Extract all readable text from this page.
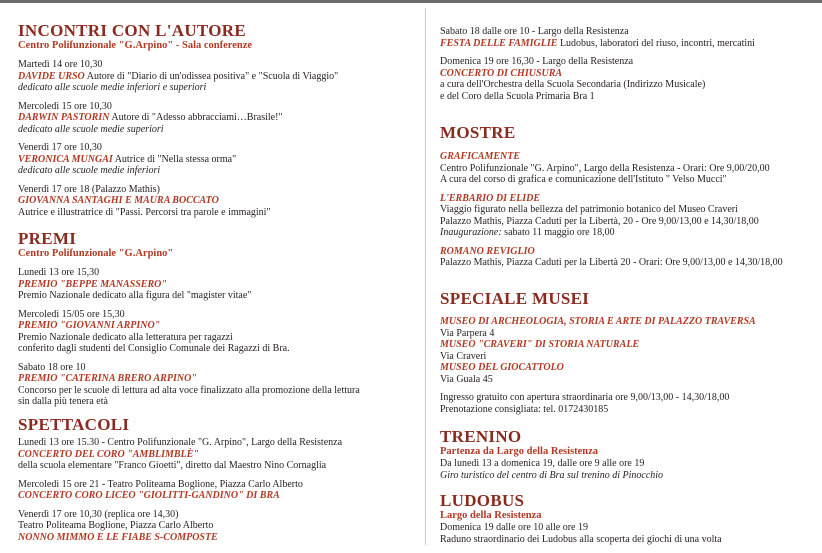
INCONTRI CON L'AUTORE
Centro Polifunzionale "G.Arpino" - Sala conferenze
Martedì 14 ore 10,30
DAVIDE URSO Autore di "Diario di un'odissea positiva" e "Scuola di Viaggio"
dedicato alle scuole medie inferiori e superiori
Mercoledì 15 ore 10,30
DARWIN PASTORIN Autore di "Adesso abbracciami…Brasile!"
dedicato alle scuole medie superiori
Venerdì 17 ore 10,30
VERONICA MUNGAI Autrice di "Nella stessa orma"
dedicato alle scuole medie inferiori
Venerdì 17 ore 18 (Palazzo Mathis)
GIOVANNA SANTAGHI E MAURA BOCCATO
Autrice e illustratrice di "Passi. Percorsi tra parole e immagini"
PREMI
Centro Polifunzionale "G.Arpino"
Lunedì 13 ore 15,30
PREMIO "BEPPE MANASSERO"
Premio Nazionale dedicato alla figura del "magister vitae"
Mercoledì 15/05 ore 15,30
PREMIO "GIOVANNI ARPINO"
Premio Nazionale dedicato alla letteratura per ragazzi
conferito dagli studenti del Consiglio Comunale dei Ragazzi di Bra.
Sabato 18 ore 10
PREMIO "CATERINA BRERO ARPINO"
Concorso per le scuole di lettura ad alta voce finalizzato alla promozione della lettura
sin dalla più tenera età
SPETTACOLI
Lunedì 13 ore 15.30 - Centro Polifunzionale "G. Arpino", Largo della Resistenza
CONCERTO DEL CORO "AMBLIMBLÈ"
della scuola elementare "Franco Gioetti", diretto dal Maestro Nino Cornaglia
Mercoledì 15 ore 21 - Teatro Politeama Boglione, Piazza Carlo Alberto
CONCERTO CORO LICEO "GIOLITTI-GANDINO" DI BRA
Venerdì 17 ore 10,30 (replica ore 14,30)
Teatro Politeama Boglione, Piazza Carlo Alberto
NONNO MIMMO E LE FIABE S-COMPOSTE
Sabato 18 dalle ore 10 - Largo della Resistenza
FESTA DELLE FAMIGLIE Ludobus, laboratori del riuso, incontri, mercatini
Domenica 19 ore 16,30 - Largo della Resistenza
CONCERTO DI CHIUSURA
a cura dell'Orchestra della Scuola Secondaria (Indirizzo Musicale)
e del Coro della Scuola Primaria Bra 1
MOSTRE
GRAFICAMENTE
Centro Polifunzionale "G. Arpino", Largo della Resistenza - Orari: Ore 9,00/20,00
A cura del corso di grafica e comunicazione dell'Istituto " Velso Mucci"
L'ERBARIO DI ELIDE
Viaggio figurato nella bellezza del patrimonio botanico del Museo Craveri
Palazzo Mathis, Piazza Caduti per la Libertà, 20 - Ore 9,00/13,00 e 14,30/18,00
Inaugurazione: sabato 11 maggio ore 18,00
ROMANO REVIGLIO
Palazzo Mathis, Piazza Caduti per la Libertà 20 - Orari: Ore 9,00/13,00 e 14,30/18,00
SPECIALE MUSEI
MUSEO DI ARCHEOLOGIA, STORIA E ARTE DI PALAZZO TRAVERSA
Via Parpera 4
MUSEO "CRAVERI" DI STORIA NATURALE
Via Craveri
MUSEO DEL GIOCATTOLO
Via Guala 45
Ingresso gratuito con apertura straordinaria ore 9,00/13,00 - 14,30/18,00
Prenotazione consigliata: tel. 0172430185
TRENINO
Partenza da Largo della Resistenza
Da lunedì 13 a domenica 19, dalle ore 9 alle ore 19
Giro turistico del centro di Bra sul trenino di Pinocchio
LUDOBUS
Largo della Resistenza
Domenica 19 dalle ore 10 alle ore 19
Raduno straordinario dei Ludobus alla scoperta dei giochi di una volta
